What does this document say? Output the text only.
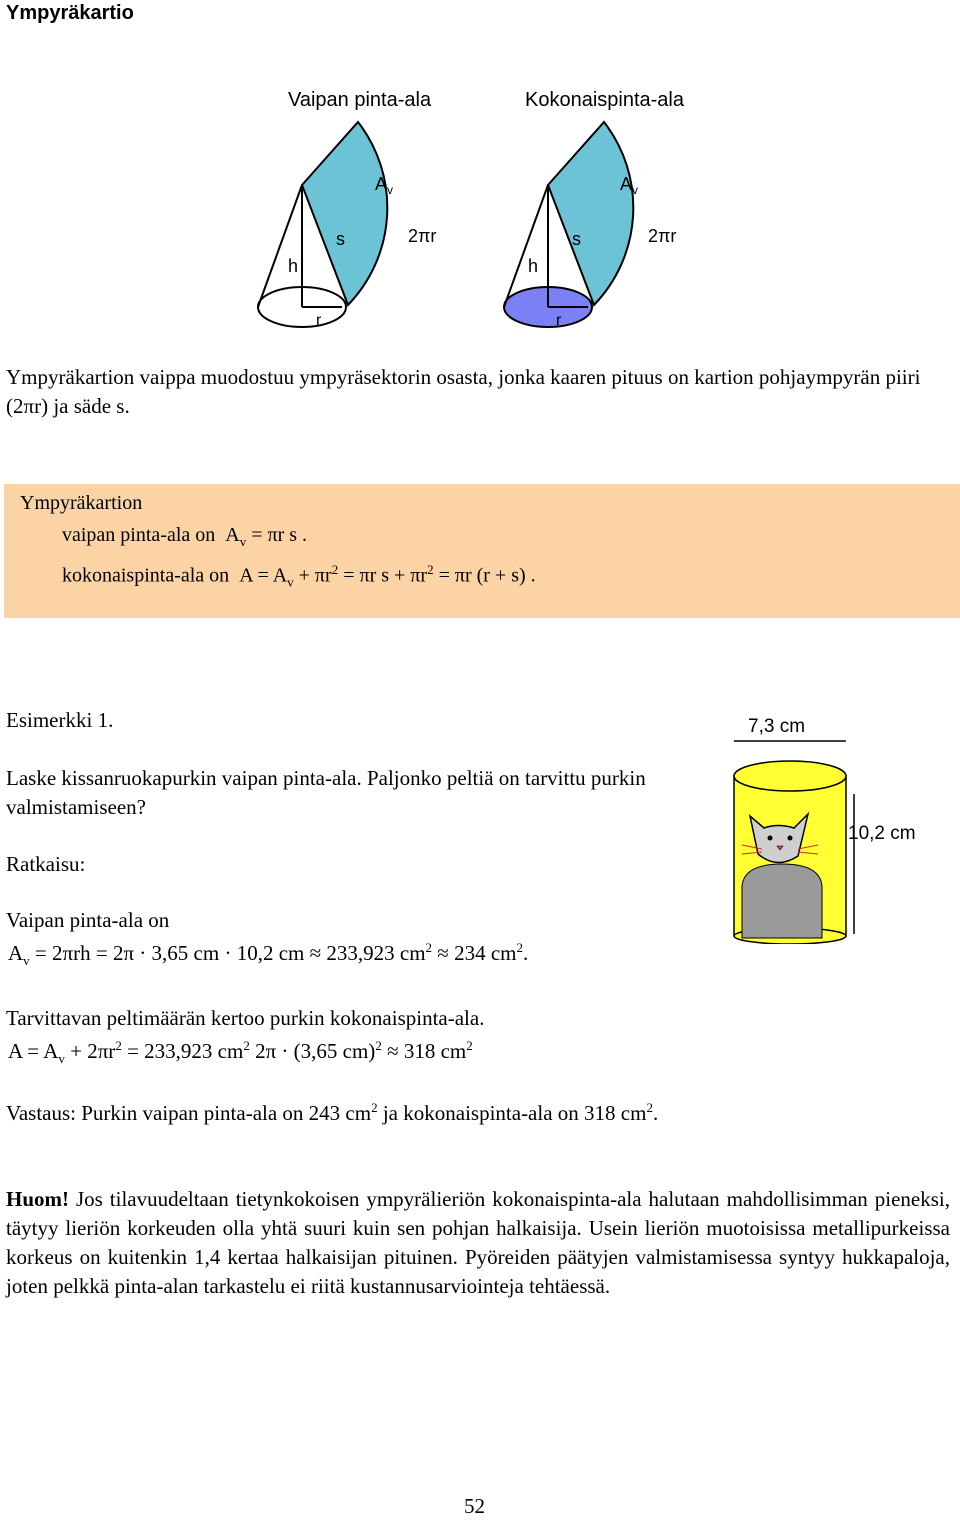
Ympyräkartio
Vaipan pinta-ala
$A_v$
s	2πr
h
r
Kokonaispinta-ala
$A_v$
s	2πr
h
r
Ympyräkartion vaippa muodostuu ympyräsektorin osasta, jonka kaaren pituus on kartion pohjaympyrän piiri (2πr) ja säde s.
Ympyräkartion
vaipan pinta-ala on $A_v = \pi r$ s .
kokonaispinta-ala on $A = A_v + \pi r^2 = \pi r$ $s + \pi r^2 = \pi r$ (r + s) .
Esimerkki 1.
Laske kissanruokapurkin vaipan pinta-ala. Paljonko peltiä on tarvittu purkin valmistamiseen?
Ratkaisu:
Vaipan pinta-ala on
$A_v = 2\pi rh = 2\pi \cdot 3,65$ cm · 10,2 cm ≈ 233,923 $cm^2 \approx 234$ $cm^2$.
7,3 cm
10,2 cm
Tarvittavan peltimäärän kertoo purkin kokonaispinta-ala.
$A = A_v + 2\pi r^2 = 233,923$ $cm^2$ 2π · (3,65 cm)$^2$ ≈ 318 $cm^2$
Vastaus: Purkin vaipan pinta-ala on 243 $cm^2$ ja kokonaispinta-ala on 318 $cm^2$.
Huom! Jos tilavuudeltaan tietynkokoisen ympyrälieriön kokonaispinta-ala halutaan mahdollisimman pieneksi, täytyy lieriön korkeuden olla yhtä suuri kuin sen pohjan halkaisija. Usein lieriön muotoisissa metallipurkeissa korkeus on kuitenkin 1,4 kertaa halkaisijan pituinen. Pyöreiden päätyjen valmistamisessa syntyy hukkapaloja, joten pelkkä pinta-alan tarkastelu ei riitä kustannusarviointeja tehtäessä.
52
